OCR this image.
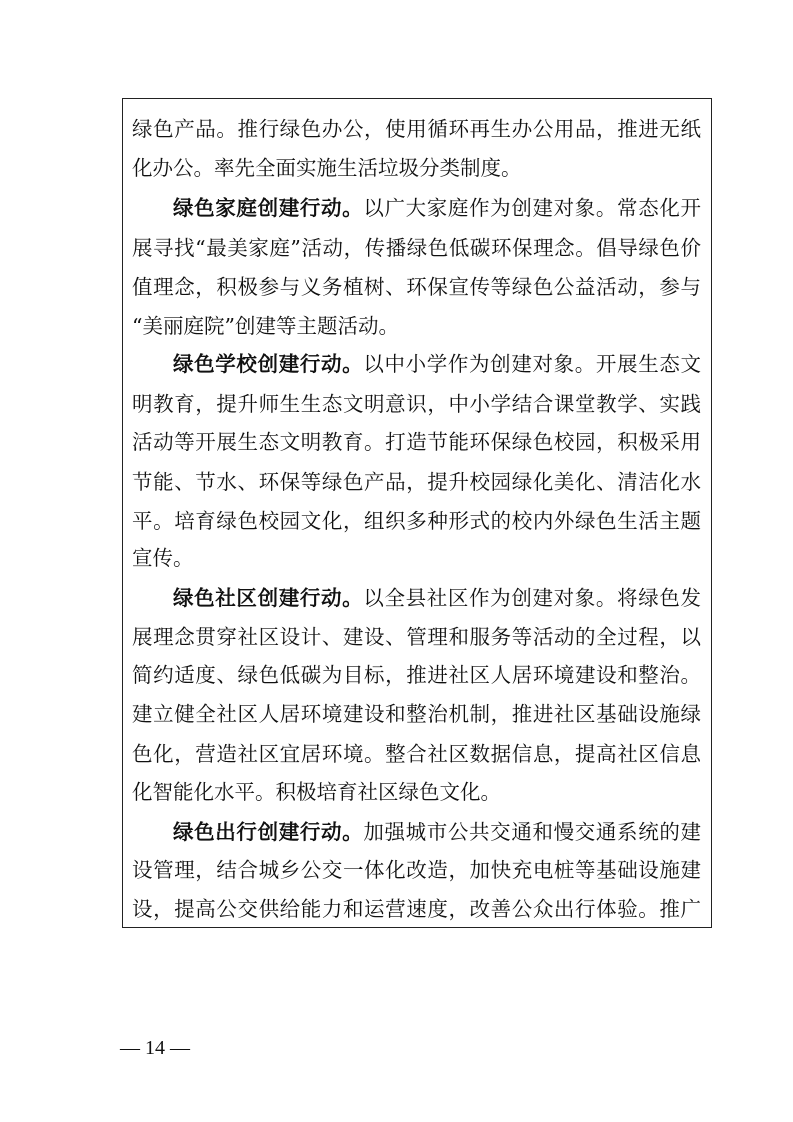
绿色产品。推行绿色办公，使用循环再生办公用品，推进无纸
化办公。率先全面实施生活垃圾分类制度。
绿色家庭创建行动。以广大家庭作为创建对象。常态化开
展寻找“最美家庭”活动，传播绿色低碳环保理念。倡导绿色价
值理念，积极参与义务植树、环保宣传等绿色公益活动，参与
“美丽庭院”创建等主题活动。
绿色学校创建行动。以中小学作为创建对象。开展生态文
明教育，提升师生生态文明意识，中小学结合课堂教学、实践
活动等开展生态文明教育。打造节能环保绿色校园，积极采用
节能、节水、环保等绿色产品，提升校园绿化美化、清洁化水
平。培育绿色校园文化，组织多种形式的校内外绿色生活主题
宣传。
绿色社区创建行动。以全县社区作为创建对象。将绿色发
展理念贯穿社区设计、建设、管理和服务等活动的全过程，以
简约适度、绿色低碳为目标，推进社区人居环境建设和整治。
建立健全社区人居环境建设和整治机制，推进社区基础设施绿
色化，营造社区宜居环境。整合社区数据信息，提高社区信息
化智能化水平。积极培育社区绿色文化。
绿色出行创建行动。加强城市公共交通和慢交通系统的建
设管理，结合城乡公交一体化改造，加快充电桩等基础设施建
设，提高公交供给能力和运营速度，改善公众出行体验。推广
— 14 —
